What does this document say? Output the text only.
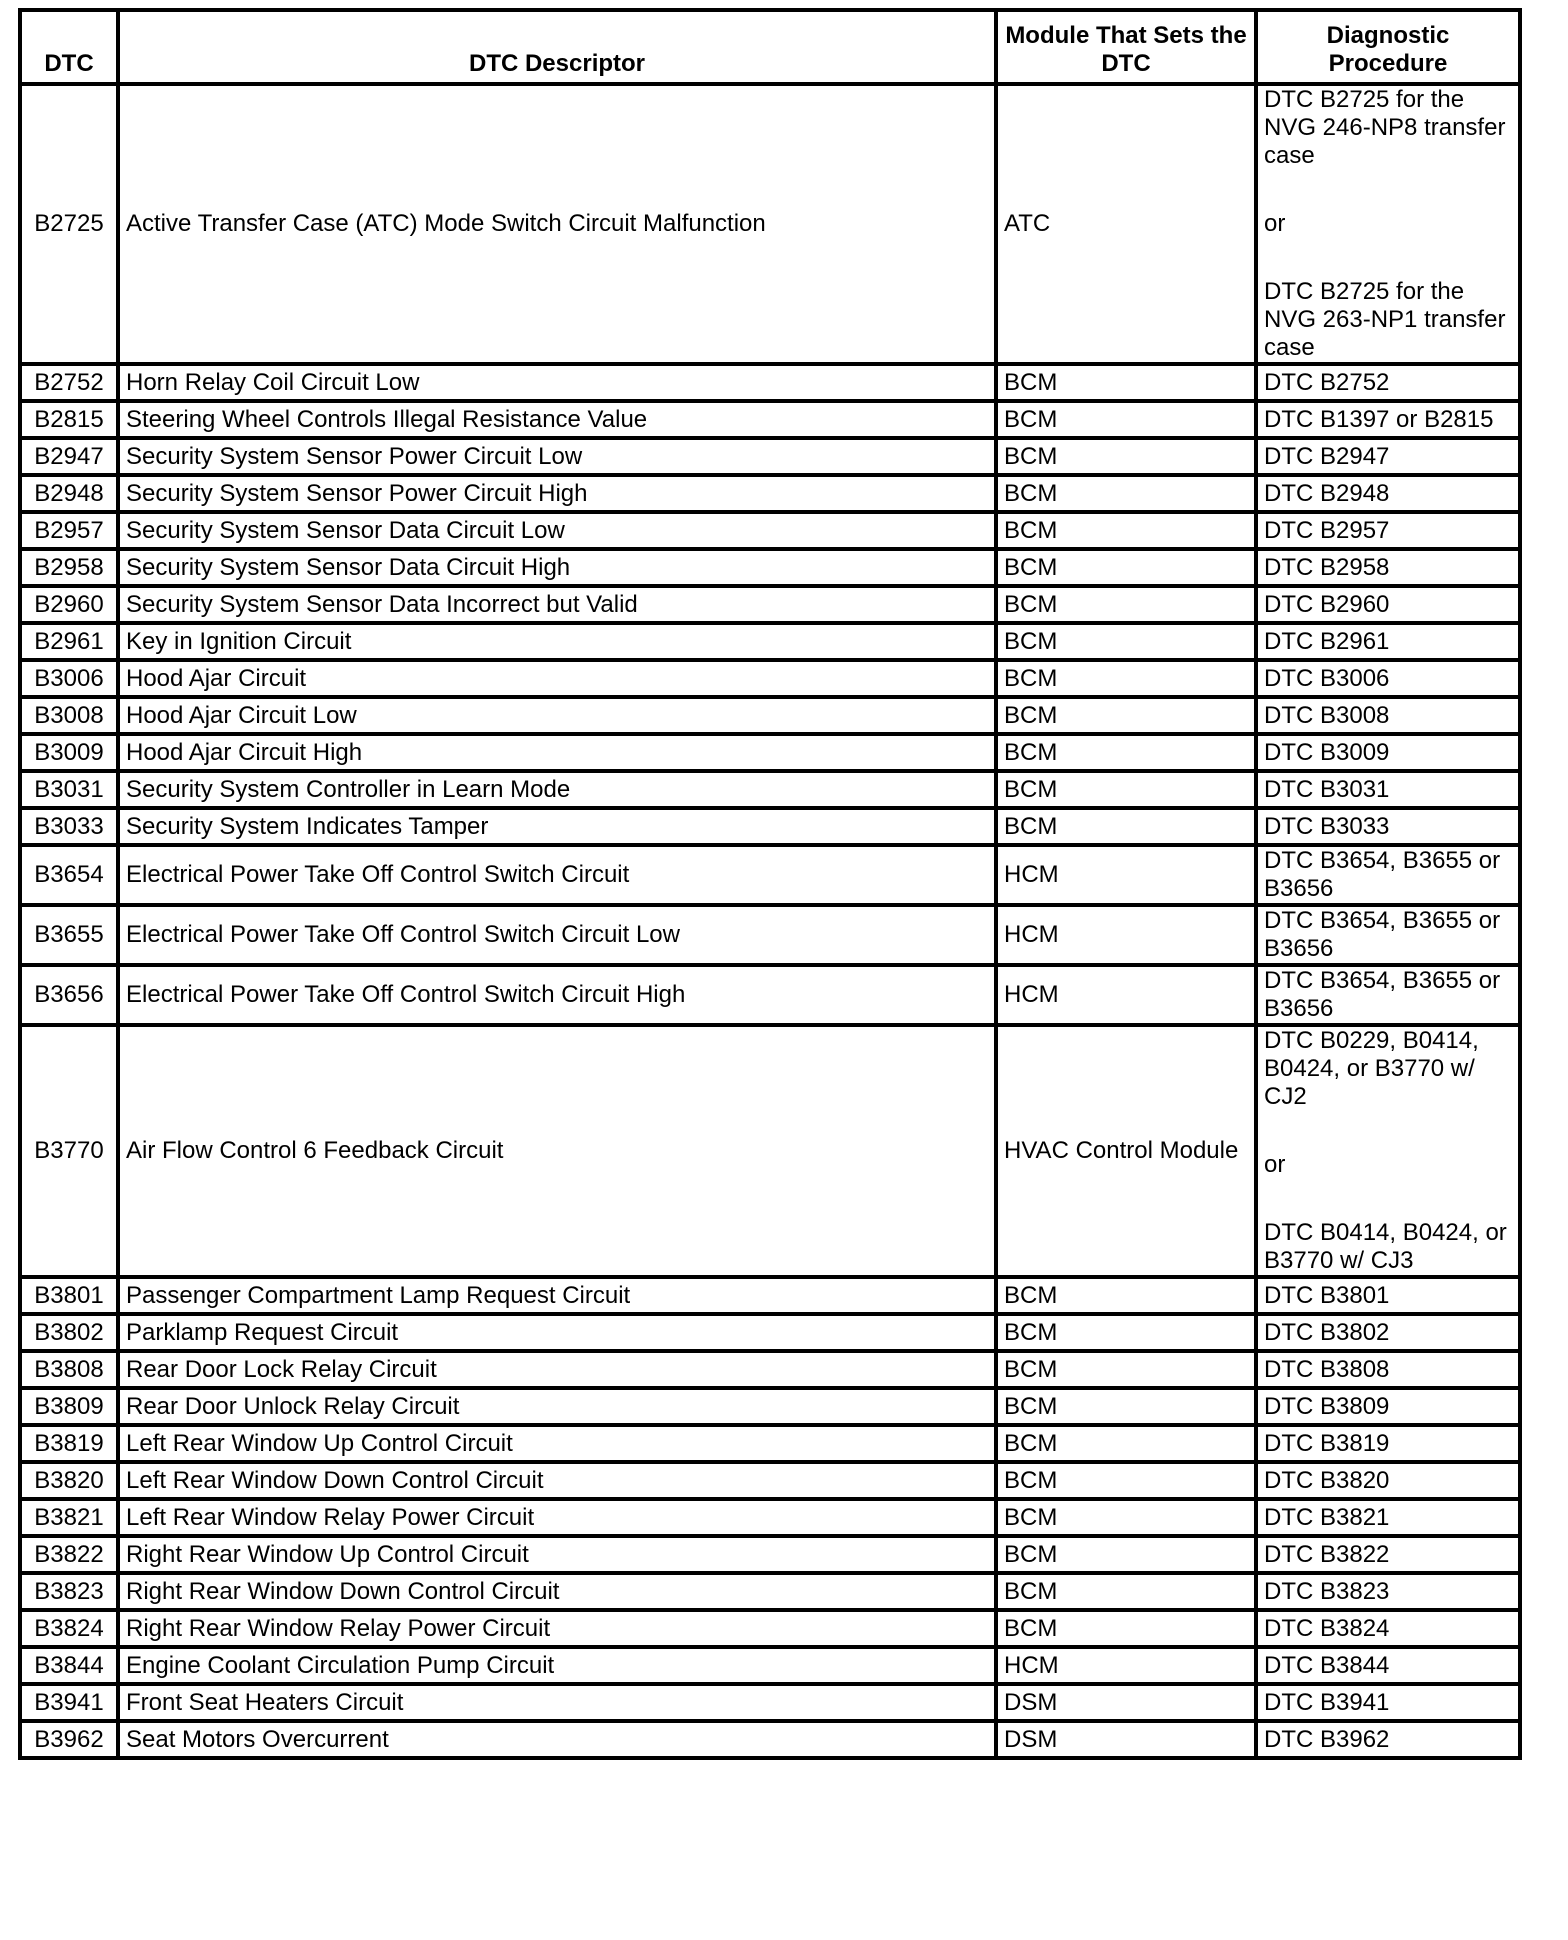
DTC	DTC Descriptor	Module That Sets the DTC	Diagnostic Procedure
B2725	Active Transfer Case (ATC) Mode Switch Circuit Malfunction	ATC	DTC B2725 for the NVG 246-NP8 transfer case
or
DTC B2725 for the NVG 263-NP1 transfer case

B2752	Horn Relay Coil Circuit Low	BCM	DTC B2752

B2815	Steering Wheel Controls Illegal Resistance Value	BCM	DTC B1397 or B2815

B2947	Security System Sensor Power Circuit Low	BCM	DTC B2947

B2948	Security System Sensor Power Circuit High	BCM	DTC B2948

B2957	Security System Sensor Data Circuit Low	BCM	DTC B2957

B2958	Security System Sensor Data Circuit High	BCM	DTC B2958

B2960	Security System Sensor Data Incorrect but Valid	BCM	DTC B2960

B2961	Key in Ignition Circuit	BCM	DTC B2961

B3006	Hood Ajar Circuit	BCM	DTC B3006

B3008	Hood Ajar Circuit Low	BCM	DTC B3008

B3009	Hood Ajar Circuit High	BCM	DTC B3009

B3031	Security System Controller in Learn Mode	BCM	DTC B3031

B3033	Security System Indicates Tamper	BCM	DTC B3033

B3654	Electrical Power Take Off Control Switch Circuit	HCM	DTC B3654, B3655 or B3656

B3655	Electrical Power Take Off Control Switch Circuit Low	HCM	DTC B3654, B3655 or B3656

B3656	Electrical Power Take Off Control Switch Circuit High	HCM	DTC B3654, B3655 or B3656

B3770	Air Flow Control 6 Feedback Circuit	HVAC Control Module	DTC B0229, B0414, B0424, or B3770 w/ CJ2
or
DTC B0414, B0424, or B3770 w/ CJ3

B3801	Passenger Compartment Lamp Request Circuit	BCM	DTC B3801

B3802	Parklamp Request Circuit	BCM	DTC B3802

B3808	Rear Door Lock Relay Circuit	BCM	DTC B3808

B3809	Rear Door Unlock Relay Circuit	BCM	DTC B3809

B3819	Left Rear Window Up Control Circuit	BCM	DTC B3819

B3820	Left Rear Window Down Control Circuit	BCM	DTC B3820

B3821	Left Rear Window Relay Power Circuit	BCM	DTC B3821

B3822	Right Rear Window Up Control Circuit	BCM	DTC B3822

B3823	Right Rear Window Down Control Circuit	BCM	DTC B3823

B3824	Right Rear Window Relay Power Circuit	BCM	DTC B3824

B3844	Engine Coolant Circulation Pump Circuit	HCM	DTC B3844

B3941	Front Seat Heaters Circuit	DSM	DTC B3941

B3962	Seat Motors Overcurrent	DSM	DTC B3962
